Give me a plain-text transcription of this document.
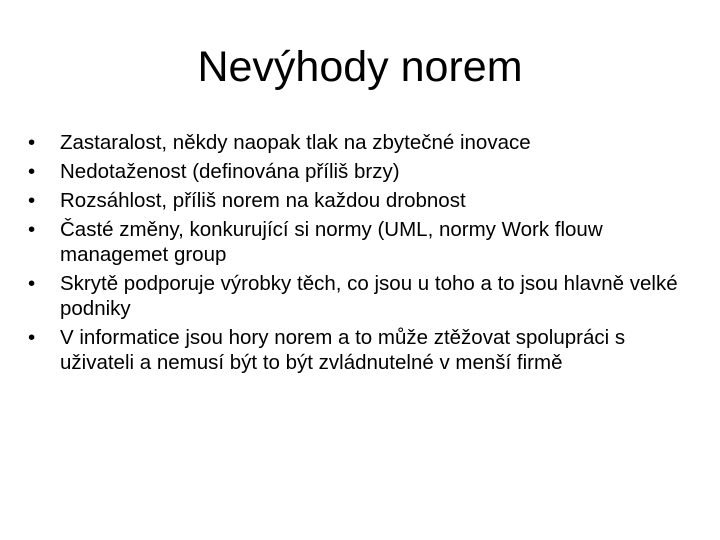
Nevýhody norem
•	Zastaralost, někdy naopak tlak na zbytečné inovace
•	Nedotaženost (definována příliš brzy)
•	Rozsáhlost, příliš norem na každou drobnost
•	Časté změny, konkurující si normy (UML, normy Work flouw managemet group
•	Skrytě podporuje výrobky těch, co jsou u toho a to jsou hlavně velké podniky
•	V informatice jsou hory norem a to může ztěžovat spolupráci s uživateli a nemusí být to být zvládnutelné v menší firmě
